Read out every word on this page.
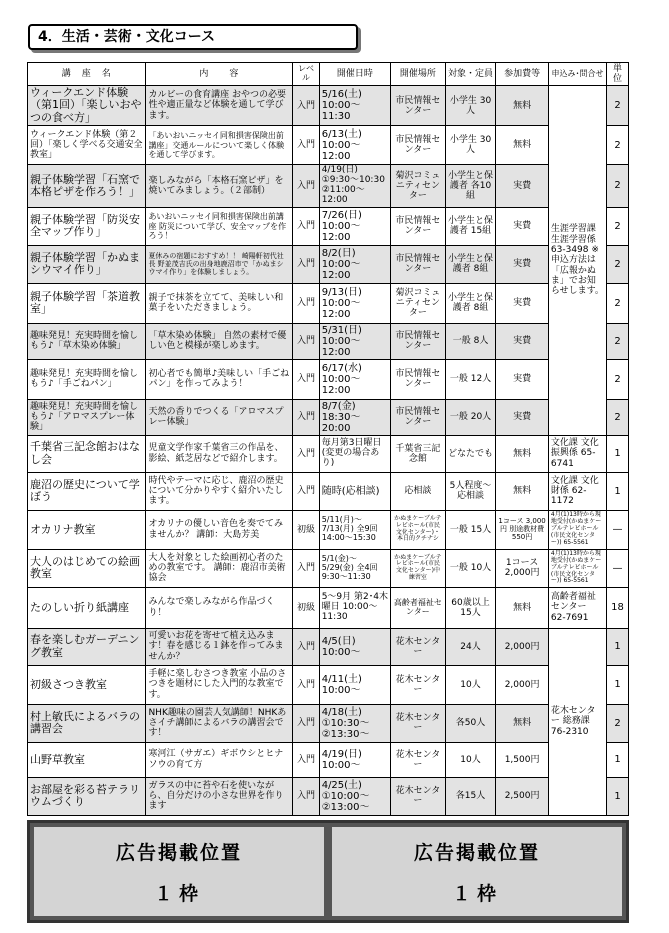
4．生活・芸術・文化コース
講　座　名	内　　容	レベル	開催日時	開催場所	対象・定員	参加費等	申込み･問合せ	単位
ウィークエンド体験（第1回）「楽しいおやつの食べ方」	カルビーの食育講座 おやつの必要性や適正量など体験を通して学びます。	入門	5/16(土) 10:00〜11:30	市民情報センター	小学生 30人	無料	生涯学習課 生涯学習係 63-3498 ※申込方法は「広報かぬま」でお知らせします。	2
ウィークエンド体験（第２回）「楽しく学べる交通安全教室」	「あいおいニッセイ同和損害保険出前講座」交通ルールについて楽しく体験を通して学びます。	入門	6/13(土) 10:00〜12:00	市民情報センター	小学生 30人	無料		2
親子体験学習「石窯で本格ピザを作ろう！」	楽しみながら「本格石窯ピザ」を焼いてみましょう。（２部制）	入門	4/19(日) ①9:30〜10:30 ②11:00〜12:00	菊沢コミュニティセンター	小学生と保護者 各10組	実費		2
親子体験学習「防災安全マップ作り」	あいおいニッセイ同和損害保険出前講座 防災について学び、安全マップを作ろう！	入門	7/26(日) 10:00〜12:00	市民情報センター	小学生と保護者 15組	実費		2
親子体験学習「かぬまシウマイ作り」	夏休みの宿題におすすめ！！ 崎陽軒初代社長 野並茂吉氏の出身地鹿沼市で「かぬまシウマイ作り」を体験しましょう。	入門	8/2(日) 10:00〜12:00	市民情報センター	小学生と保護者 8組	実費		2
親子体験学習「茶道教室」	親子で抹茶を立てて、美味しい和菓子をいただきましょう。	入門	9/13(日) 10:00〜12:00	菊沢コミュニティセンター	小学生と保護者 8組	実費		2
趣味発見！充実時間を愉しもう♪「草木染め体験」	「草木染め体験」 自然の素材で優しい色と模様が楽しめます。	入門	5/31(日) 10:00〜12:00	市民情報センター	一般 8人	実費		2
趣味発見！充実時間を愉しもう♪「手ごねパン」	初心者でも簡単♪美味しい「手ごねパン」を作ってみよう！	入門	6/17(水) 10:00〜12:00	市民情報センター	一般 12人	実費		2
趣味発見！充実時間を愉しもう♪「アロマスプレー体験」	天然の香りでつくる「アロマスプレー体験」	入門	8/7(金) 18:30〜20:00	市民情報センター	一般 20人	実費		2
千葉省三記念館おはなし会	児童文学作家千葉省三の作品を、影絵、紙芝居などで紹介します。	入門	毎月第3日曜日 (変更の場合あり)	千葉省三記念館	どなたでも	無料	文化課 文化振興係 65-6741	1
鹿沼の歴史について学ぼう	時代やテーマに応じ、鹿沼の歴史について分かりやすく紹介いたします。	入門	随時(応相談)	応相談	5人程度〜応相談	無料	文化課 文化財係 62-1172	1
オカリナ教室	オカリナの優しい音色を奏でてみませんか？ 講師：大島芳美	初級	5/11(月)〜7/13(月) 全9回 14:00〜15:30	かぬまケーブルテレビホール(市民文化センター)・本日的クチナシ	一般 15人	1コース 3,000円 別途教材費550円	4月(1)13時から現地受付(かぬまケーブルテレビホール(市民文化センター)) 65-5561	—
大人のはじめての絵画教室	大人を対象とした絵画初心者のための教室です。 講師：鹿沼市美術協会	入門	5/1(金)〜5/29(金) 全4回 9:30〜11:30	かぬまケーブルテレビホール(市民文化センター)中練習室	一般 10人	1コース 2,000円	4月(1)13時から現地受付(かぬまケーブルテレビホール(市民文化センター)) 65-5561	—
たのしい折り紙講座	みんなで楽しみながら作品づくり！	初級	5〜9月 第2･4木曜日 10:00〜11:30	高齢者福祉センター	60歳以上 15人	無料	高齢者福祉センター 62-7691	18
春を楽しむガーデニング教室	可愛いお花を寄せて植え込みます！春を感じる１鉢を作ってみませんか？	入門	4/5(日) 10:00〜	花木センター	24人	2,000円	花木センター 総務課 76-2310	1
初級さつき教室	手軽に楽しむさつき教室 小品のさつきを題材にした入門的な教室です。	入門	4/11(土) 10:00〜	花木センター	10人	2,000円		1
村上敏氏によるバラの講習会	NHK趣味の園芸人気講師！NHKあさイチ講師によるバラの講習会です！	入門	4/18(土) ①10:30〜 ②13:30〜	花木センター	各50人	無料		2
山野草教室	寒河江（サガエ）ギボウシとヒナソウの育て方	入門	4/19(日) 10:00〜	花木センター	10人	1,500円		1
お部屋を彩る苔テラリウムづくり	ガラスの中に苔や石を使いながら、自分だけの小さな世界を作ります	入門	4/25(土) ①10:00〜 ②13:00〜	花木センター	各15人	2,500円		1
広告掲載位置
１枠
広告掲載位置
１枠
